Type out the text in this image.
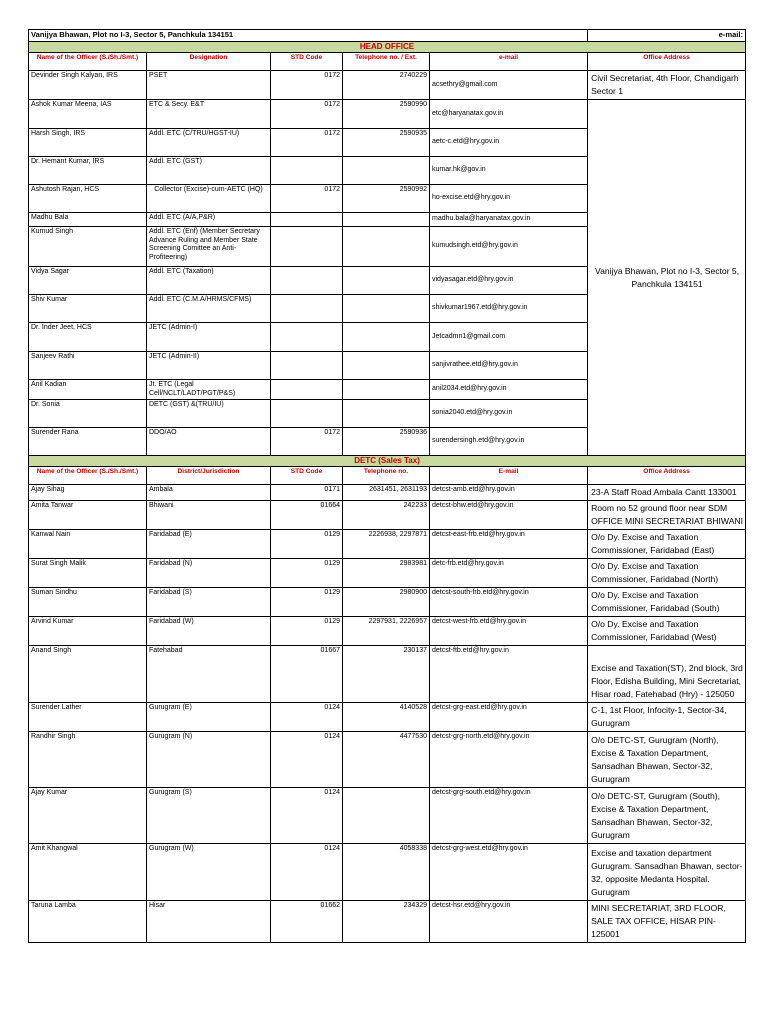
Vanijya Bhawan, Plot no I-3, Sector 5, Panchkula 134151					e-mail:
HEAD OFFICE					
Name of the Officer (S./Sh./Smt.)	Designation	STD Code	Telephone no. / Ext.	e-mail	Office Address
Devinder Singh Kalyan, IRS	PSET	0172	2740229	acsethry@gmail.com	Civil Secretariat, 4th Floor, Chandigarh Sector 1
Ashok Kumar Meena, IAS	ETC & Secy. E&T	0172	2590990	etc@haryanatax.gov.in	Vanijya Bhawan, Plot no I-3, Sector 5, Panchkula 134151
Harsh Singh, IRS	Addl. ETC (C/TRU/HGST-IU)	0172	2590935	aetc-c.etd@hry.gov.in	
Dr. Hemant Kumar, IRS	Addl. ETC (GST)			kumar.hk@gov.in	
Ashutosh Rajan, HCS	Collector (Excise)-cum-AETC (HQ)	0172	2590992	ho-excise.etd@hry.gov.in	
Madhu Bala	Addl. ETC (A/A,P&R)			madhu.bala@haryanatax.gov.in	
Kumud Singh	Addl. ETC (Enf) (Member Secretary Advance Ruling and Member State Screening Comittee an Anti-Profiteering)			kumudsingh.etd@hry.gov.in	
Vidya Sagar	Addl. ETC (Taxation)			vidyasagar.etd@hry.gov.in	
Shiv Kumar	Addl. ETC (C.M.A/HRMS/CFMS)			shivkumar1967.etd@hry.gov.in	
Dr. Inder Jeet, HCS	JETC (Admin-I)			Jetcadmn1@gmail.com	
Sanjeev Rathi	JETC (Admin-II)			sanjivrathee.etd@hry.gov.in	
Anil Kadian	Jt. ETC (Legal Cell/NCLT/LADT/PGT/P&S)			anil2034.etd@hry.gov.in	
Dr. Sonia	DETC (GST) &(TRU/IU)			sonia2040.etd@hry.gov.in	
Surender Rana	DDO/AO	0172	2590936	surendersingh.etd@hry.gov.in	
DETC (Sales Tax)					
Name of the Officer (S./Sh./Smt.)	District/Jurisdiction	STD Code	Telephone no.	E-mail	Office Address
Ajay Sihag	Ambala	0171	2631451, 2631193	detcst-amb.etd@hry.gov.in	23-A Staff Road Ambala Cantt 133001
Amita Tanwar	Bhiwani	01664	242233	detcst-bhw.etd@hry.gov.in	Room no 52 ground floor near SDM OFFICE MINI SECRETARIAT BHIWANI
Kanwal Nain	Faridabad (E)	0129	2226938, 2297871	detcst-east-frb.etd@hry.gov.in	O/o Dy. Excise and Taxation Commissioner, Faridabad (East)
Surat Singh Malik	Faridabad (N)	0129	2983981	detc-frb.etd@hry.gov.in	O/o Dy. Excise and Taxation Commissioner, Faridabad (North)
Suman Sindhu	Faridabad (S)	0129	2980900	detcst-south-frb.etd@hry.gov.in	O/o Dy. Excise and Taxation Commissioner, Faridabad (South)
Arvind Kumar	Faridabad (W)	0129	2297931, 2226957	detcst-west-frb.etd@hry.gov.in	O/o Dy. Excise and Taxation Commissioner, Faridabad (West)
Anand Singh	Fatehabad	01667	230137	detcst-ftb.etd@hry.gov.in	Excise and Taxation(ST), 2nd block, 3rd Floor, Edisha Building, Mini Secretariat, Hisar road, Fatehabad (Hry) - 125050
Surender Lather	Gurugram (E)	0124	4140528	detcst-grg-east.etd@hry.gov.in	C-1, 1st Floor, Infocity-1, Sector-34, Gurugram
Randhir Singh	Gurugram (N)	0124	4477530	detcst-grg-north.etd@hry.gov.in	O/o DETC-ST, Gurugram (North), Excise & Taxation Department, Sansadhan Bhawan, Sector-32, Gurugram
Ajay Kumar	Gurugram (S)	0124		detcst-grg-south.etd@hry.gov.in	O/o DETC-ST, Gurugram (South), Excise & Taxation Department, Sansadhan Bhawan, Sector-32, Gurugram
Amit Khangwal	Gurugram (W)	0124	4058338	detcst-grg-west.etd@hry.gov.in	Excise and taxation department Gurugram. Sansadhan Bhawan, sector-32, opposite Medanta Hospital. Gurugram
Taruna Lamba	Hisar	01662	234329	detcst-hsr.etd@hry.gov.in	MINI SECRETARIAT, 3RD FLOOR, SALE TAX OFFICE, HISAR PIN-125001
